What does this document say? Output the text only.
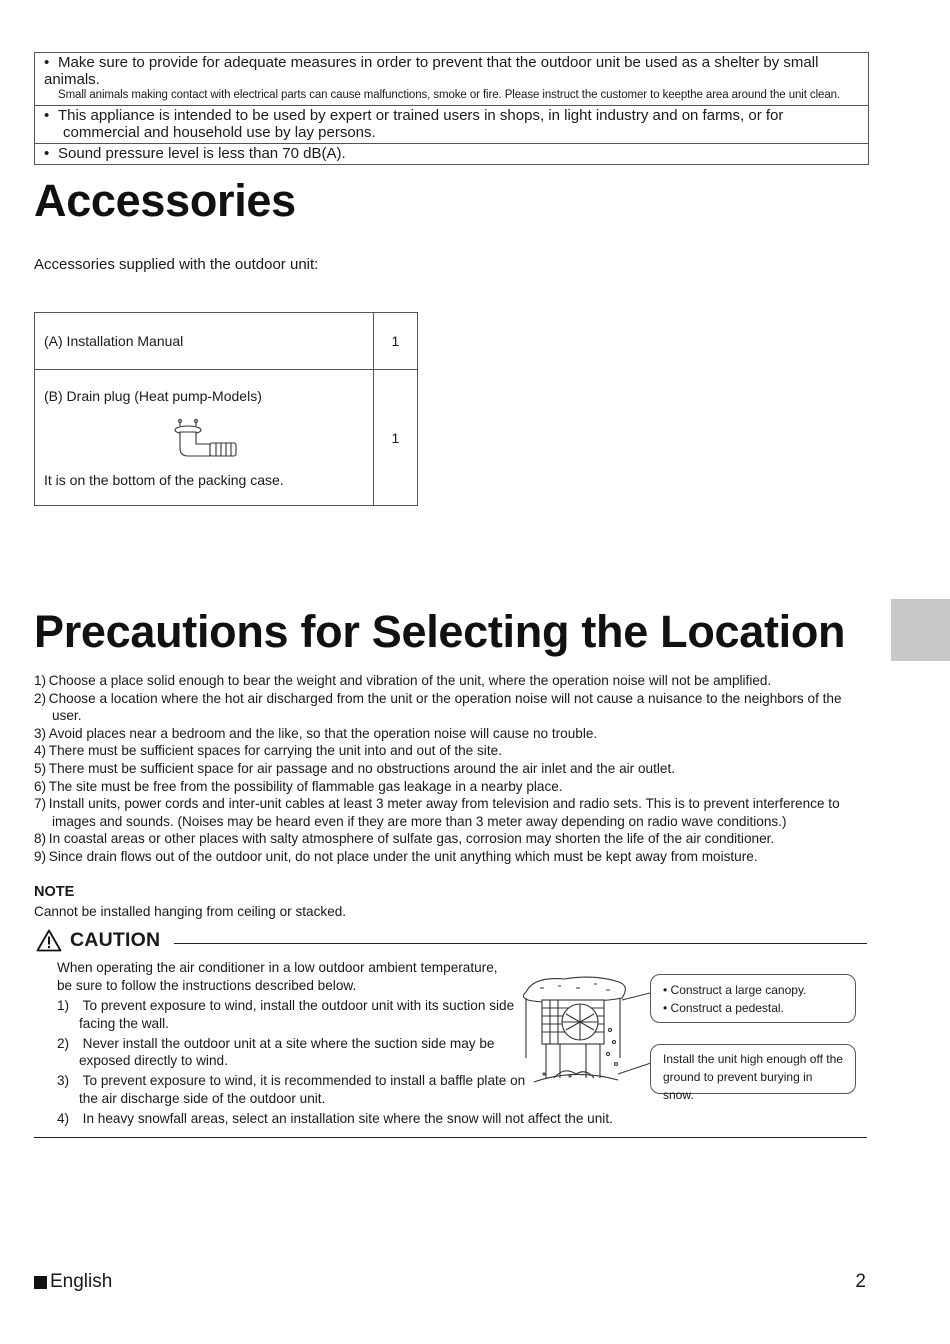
• Make sure to provide for adequate measures in order to prevent that the outdoor unit be used as a shelter by small animals.
Small animals making contact with electrical parts can cause malfunctions, smoke or fire. Please instruct the customer to keepthe area around the unit clean.
• This appliance is intended to be used by expert or trained users in shops, in light industry and on farms, or for
commercial and household use by lay persons.
• Sound pressure level is less than 70 dB(A).
Accessories
Accessories supplied with the outdoor unit:
(A) Installation Manual	1

(B) Drain plug (Heat pump-Models)
It is on the bottom of the packing case.	1
Precautions for Selecting the Location
1) Choose a place solid enough to bear the weight and vibration of the unit, where the operation noise will not be amplified.
2) Choose a location where the hot air discharged from the unit or the operation noise will not cause a nuisance to the neighbors of the user.
3) Avoid places near a bedroom and the like, so that the operation noise will cause no trouble.
4) There must be sufficient spaces for carrying the unit into and out of the site.
5) There must be sufficient space for air passage and no obstructions around the air inlet and the air outlet.
6) The site must be free from the possibility of flammable gas leakage in a nearby place.
7) Install units, power cords and inter-unit cables at least 3 meter away from television and radio sets. This is to prevent interference to images and sounds. (Noises may be heard even if they are more than 3 meter away depending on radio wave conditions.)
8) In coastal areas or other places with salty atmosphere of sulfate gas, corrosion may shorten the life of the air conditioner.
9) Since drain flows out of the outdoor unit, do not place under the unit anything which must be kept away from moisture.
NOTE
Cannot be installed hanging from ceiling or stacked.
CAUTION
When operating the air conditioner in a low outdoor ambient temperature, be sure to follow the instructions described below.
1) To prevent exposure to wind, install the outdoor unit with its suction side facing the wall.
2) Never install the outdoor unit at a site where the suction side may be exposed directly to wind.
3) To prevent exposure to wind, it is recommended to install a baffle plate on the air discharge side of the outdoor unit.
4) In heavy snowfall areas, select an installation site where the snow will not affect the unit.
• Construct a large canopy.
• Construct a pedestal.
Install the unit high enough off the ground to prevent burying in snow.
English	2
